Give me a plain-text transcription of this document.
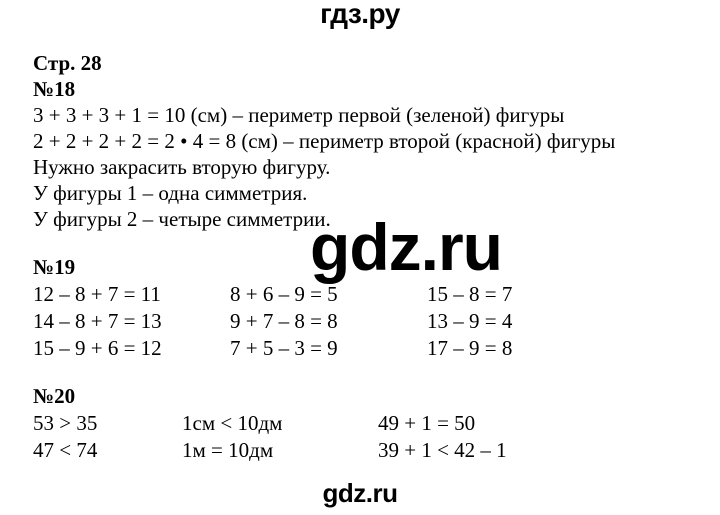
гдз.ру
Стр. 28
№18
3 + 3 + 3 + 1 = 10 (см) – периметр первой (зеленой) фигуры
2 + 2 + 2 + 2 = 2 • 4 = 8 (см) – периметр второй (красной) фигуры
Нужно закрасить вторую фигуру.
У фигуры 1 – одна симметрия.
У фигуры 2 – четыре симметрии.
gdz.ru
№19
12 – 8 + 7 = 11	8 + 6 – 9 = 5	15 – 8 = 7
14 – 8 + 7 = 13	9 + 7 – 8 = 8	13 – 9 = 4
15 – 9 + 6 = 12	7 + 5 – 3 = 9	17 – 9 = 8
№20
53 > 35	1см < 10дм	49 + 1 = 50
47 < 74	1м = 10дм	39 + 1 < 42 – 1
gdz.ru
